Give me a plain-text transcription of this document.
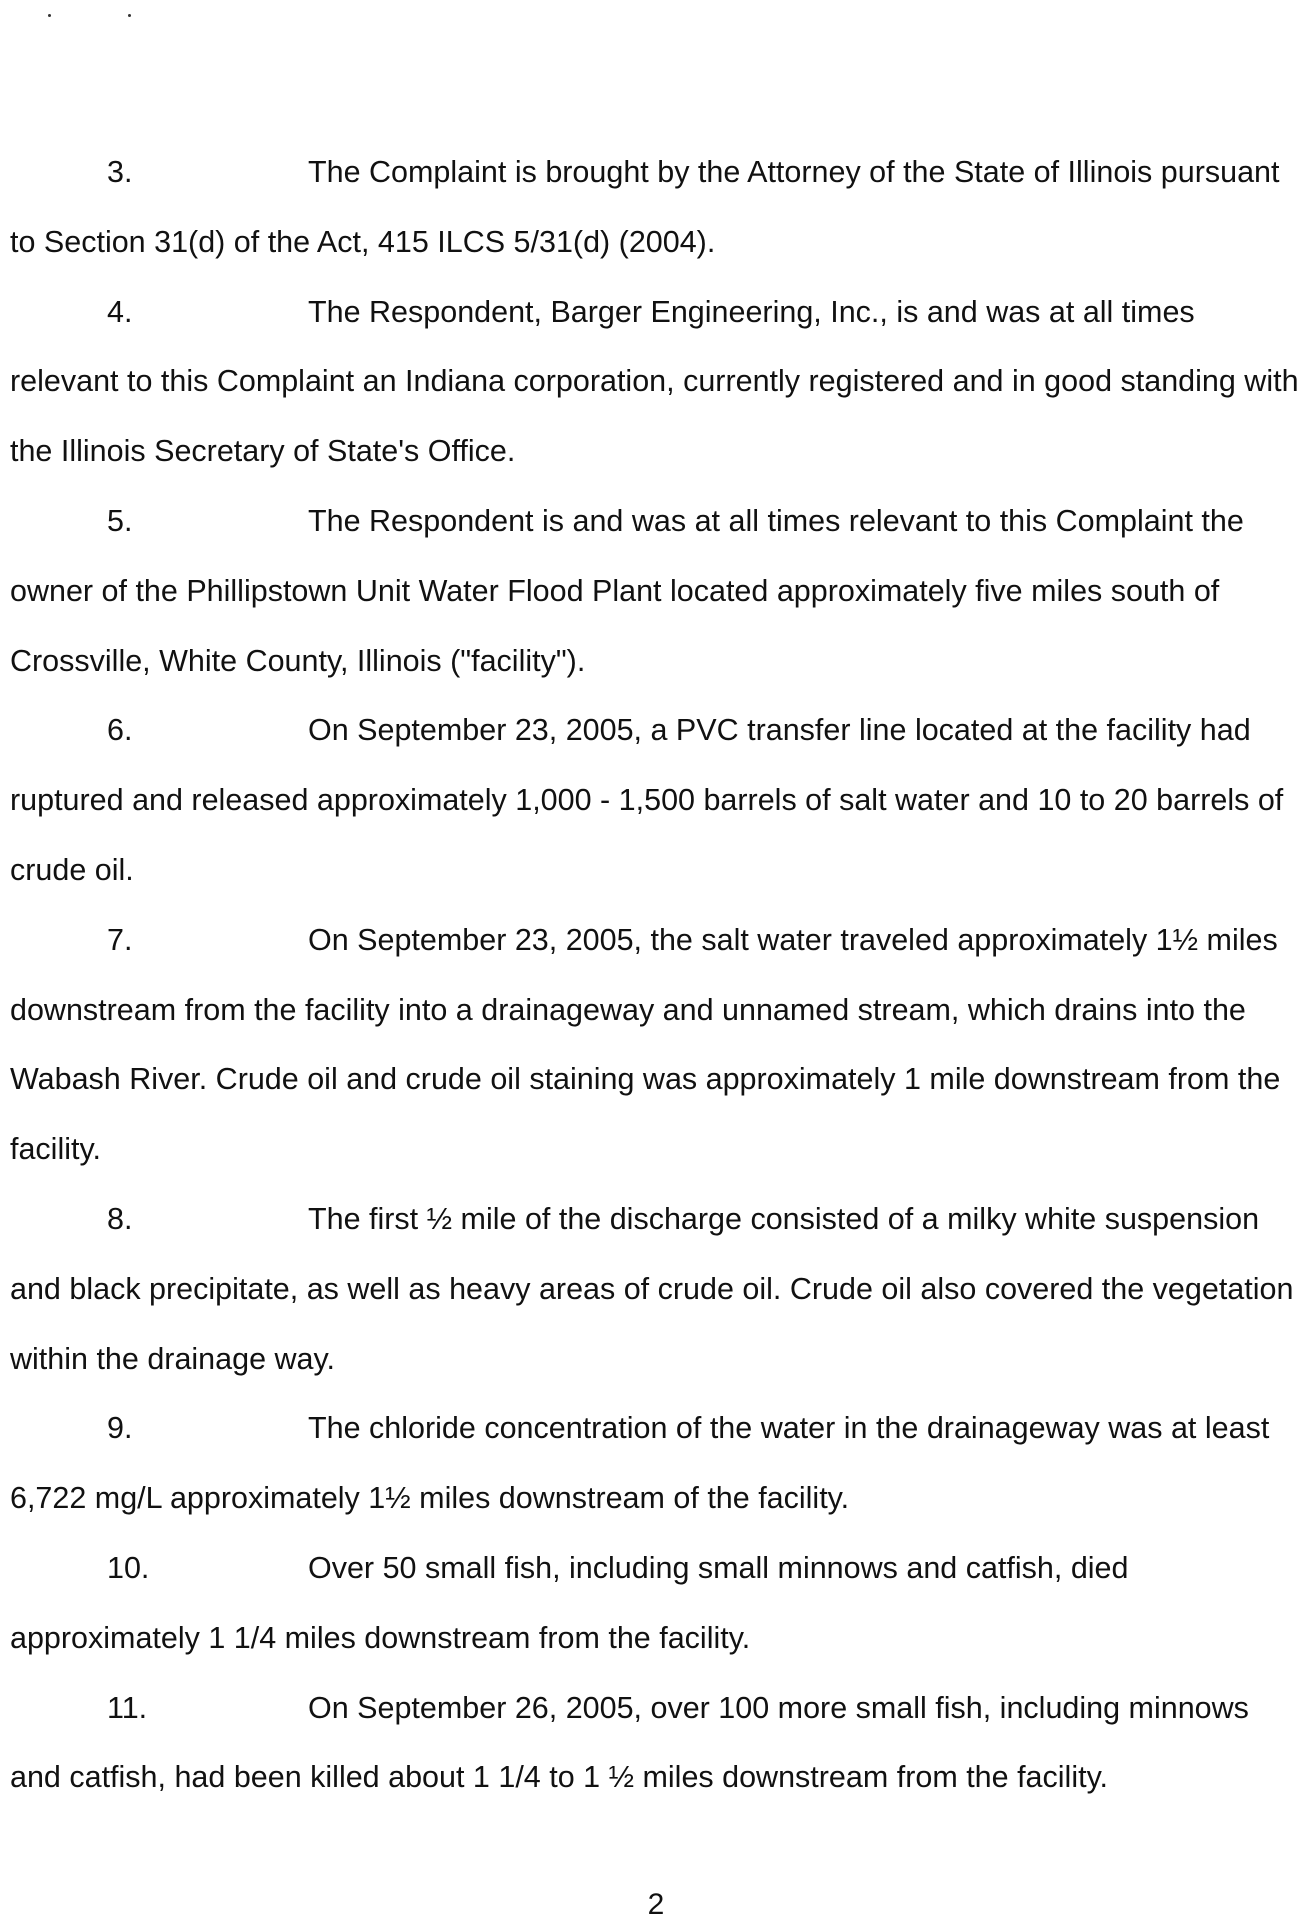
3.	The Complaint is brought by the Attorney of the State of Illinois pursuant to Section 31(d) of the Act, 415 ILCS 5/31(d) (2004).

4.	The Respondent, Barger Engineering, Inc., is and was at all times relevant to this Complaint an Indiana corporation, currently registered and in good standing with the Illinois Secretary of State's Office.

5.	The Respondent is and was at all times relevant to this Complaint the owner of the Phillipstown Unit Water Flood Plant located approximately five miles south of Crossville, White County, Illinois ("facility").

6.	On September 23, 2005, a PVC transfer line located at the facility had ruptured and released approximately 1,000 - 1,500 barrels of salt water and 10 to 20 barrels of crude oil.

7.	On September 23, 2005, the salt water traveled approximately 1½ miles downstream from the facility into a drainageway and unnamed stream, which drains into the Wabash River. Crude oil and crude oil staining was approximately 1 mile downstream from the facility.

8.	The first ½ mile of the discharge consisted of a milky white suspension and black precipitate, as well as heavy areas of crude oil. Crude oil also covered the vegetation within the drainage way.

9.	The chloride concentration of the water in the drainageway was at least 6,722 mg/L approximately 1½ miles downstream of the facility.

10.	Over 50 small fish, including small minnows and catfish, died approximately 1 1/4 miles downstream from the facility.

11.	On September 26, 2005, over 100 more small fish, including minnows and catfish, had been killed about 1 1/4 to 1 ½ miles downstream from the facility.

2
